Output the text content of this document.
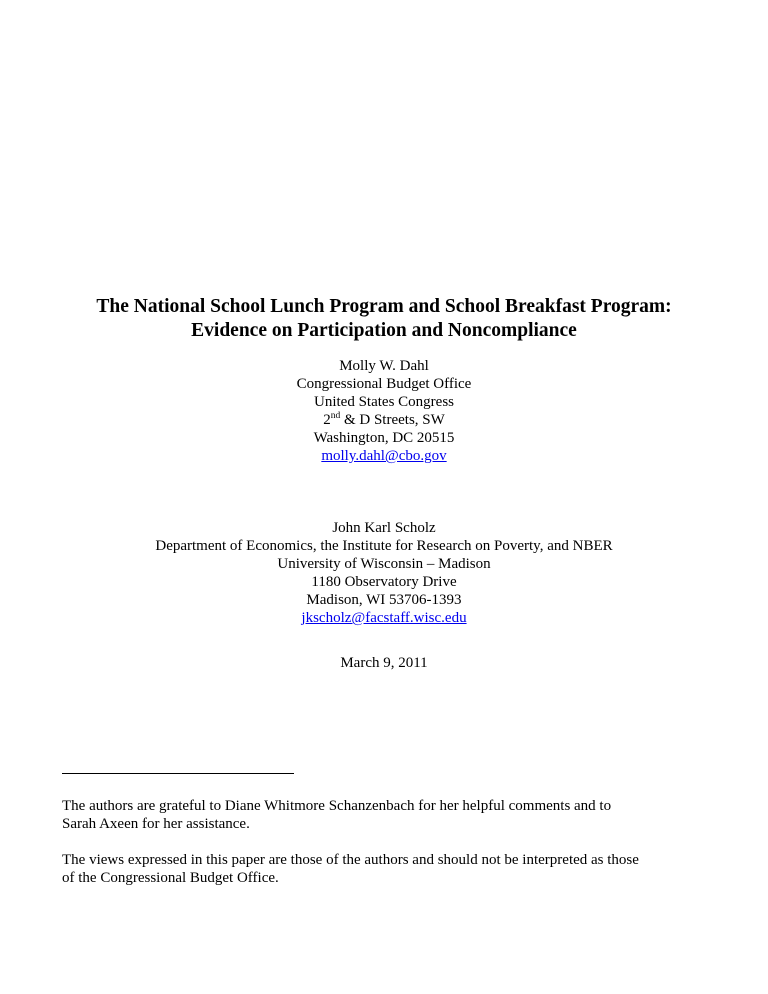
The National School Lunch Program and School Breakfast Program:
Evidence on Participation and Noncompliance
Molly W. Dahl
Congressional Budget Office
United States Congress
2nd & D Streets, SW
Washington, DC 20515
molly.dahl@cbo.gov
John Karl Scholz
Department of Economics, the Institute for Research on Poverty, and NBER
University of Wisconsin – Madison
1180 Observatory Drive
Madison, WI 53706-1393
jkscholz@facstaff.wisc.edu
March 9, 2011
The authors are grateful to Diane Whitmore Schanzenbach for her helpful comments and to
Sarah Axeen for her assistance.
The views expressed in this paper are those of the authors and should not be interpreted as those
of the Congressional Budget Office.
